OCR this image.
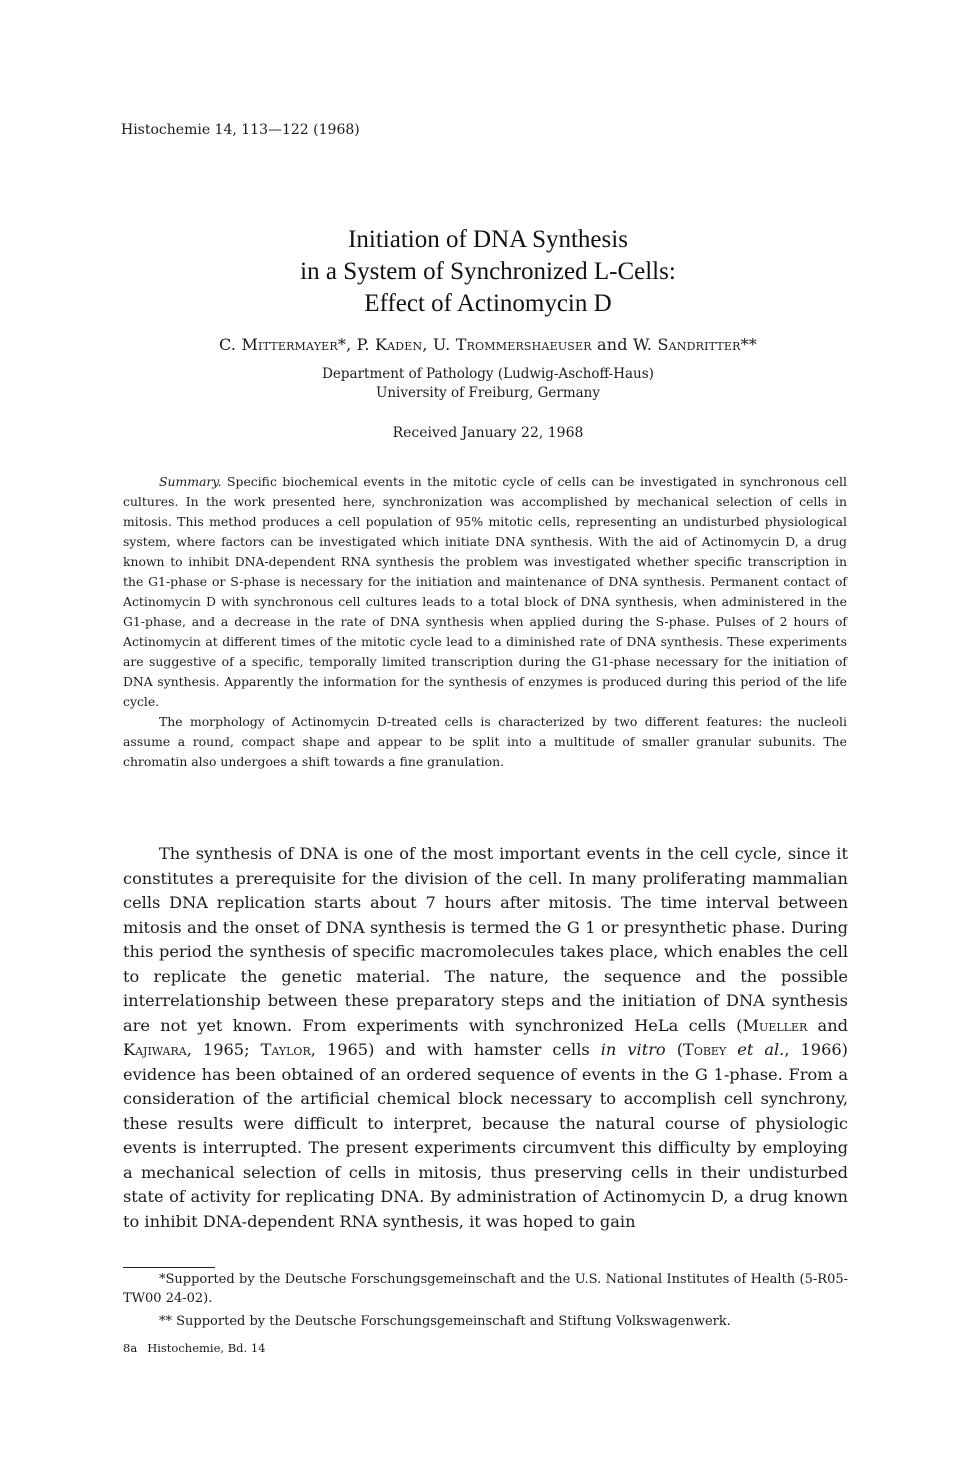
Histochemie 14, 113—122 (1968)
Initiation of DNA Synthesis
in a System of Synchronized L-Cells:
Effect of Actinomycin D
C. Mittermayer*, P. Kaden, U. Trommershaeuser and W. Sandritter**
Department of Pathology (Ludwig-Aschoff-Haus)
University of Freiburg, Germany
Received January 22, 1968

Summary. Specific biochemical events in the mitotic cycle of cells can be investigated in synchronous cell cultures. In the work presented here, synchronization was accomplished by mechanical selection of cells in mitosis. This method produces a cell population of 95% mitotic cells, representing an undisturbed physiological system, where factors can be investigated which initiate DNA synthesis. With the aid of Actinomycin D, a drug known to inhibit DNA-dependent RNA synthesis the problem was investigated whether specific transcription in the G1-phase or S-phase is necessary for the initiation and maintenance of DNA synthesis. Permanent contact of Actinomycin D with synchronous cell cultures leads to a total block of DNA synthesis, when administered in the G1-phase, and a decrease in the rate of DNA synthesis when applied during the S-phase. Pulses of 2 hours of Actinomycin at different times of the mitotic cycle lead to a diminished rate of DNA synthesis. These experiments are suggestive of a specific, temporally limited transcription during the G1-phase necessary for the initiation of DNA synthesis. Apparently the information for the synthesis of enzymes is produced during this period of the life cycle.

The morphology of Actinomycin D-treated cells is characterized by two different features: the nucleoli assume a round, compact shape and appear to be split into a multitude of smaller granular subunits. The chromatin also undergoes a shift towards a fine granulation.

The synthesis of DNA is one of the most important events in the cell cycle, since it constitutes a prerequisite for the division of the cell. In many proliferating mammalian cells DNA replication starts about 7 hours after mitosis. The time interval between mitosis and the onset of DNA synthesis is termed the G 1 or presynthetic phase. During this period the synthesis of specific macromolecules takes place, which enables the cell to replicate the genetic material. The nature, the sequence and the possible interrelationship between these preparatory steps and the initiation of DNA synthesis are not yet known. From experiments with synchronized HeLa cells (Mueller and Kajiwara, 1965; Taylor, 1965) and with hamster cells in vitro (Tobey et al., 1966) evidence has been obtained of an ordered sequence of events in the G 1-phase. From a consideration of the artificial chemical block necessary to accomplish cell synchrony, these results were difficult to interpret, because the natural course of physiologic events is interrupted. The present experiments circumvent this difficulty by employing a mechanical selection of cells in mitosis, thus preserving cells in their undisturbed state of activity for replicating DNA. By administration of Actinomycin D, a drug known to inhibit DNA-dependent RNA synthesis, it was hoped to gain

*Supported by the Deutsche Forschungsgemeinschaft and the U.S. National Institutes of Health (5-R05-TW00 24-02).

** Supported by the Deutsche Forschungsgemeinschaft and Stiftung Volkswagenwerk.

8a Histochemie, Bd. 14
